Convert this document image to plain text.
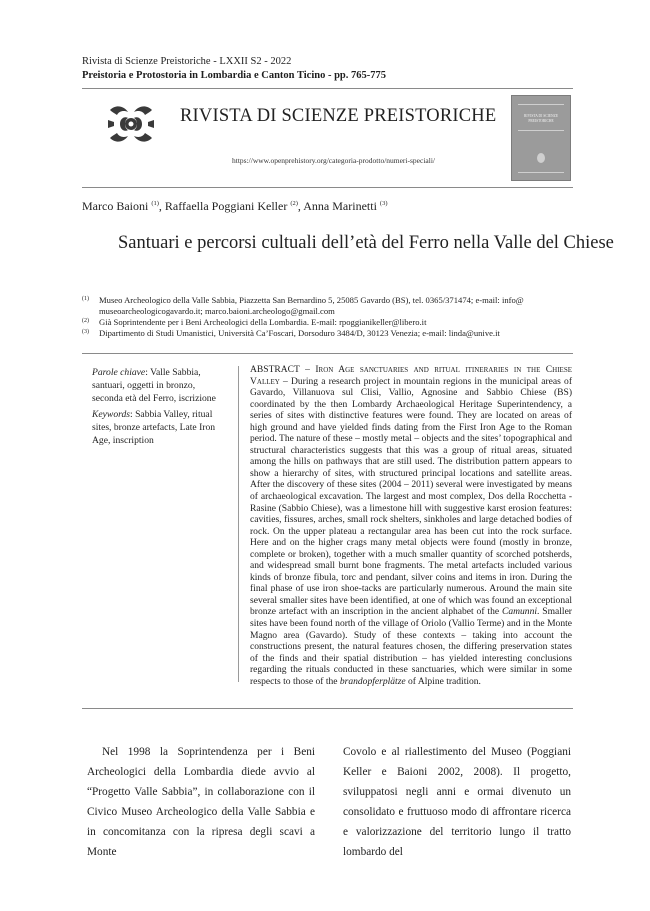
Rivista di Scienze Preistoriche - LXXII S2 - 2022
Preistoria e Protostoria in Lombardia e Canton Ticino - pp. 765-775
RIVISTA DI SCIENZE PREISTORICHE
https://www.openprehistory.org/categoria-prodotto/numeri-speciali/
RIVISTA DI SCIENZE PREISTORICHE
Marco Baioni $^{(1)}$, Raffaella Poggiani Keller $^{(2)}$, Anna Marinetti $^{(3)}$
Santuari e percorsi cultuali dell’età del Ferro nella Valle del Chiese
(1) Museo Archeologico della Valle Sabbia, Piazzetta San Bernardino 5, 25085 Gavardo (BS), tel. 0365/371474; e-mail: info@
museoarcheologicogavardo.it; marco.baioni.archeologo@gmail.com
(2) Già Soprintendente per i Beni Archeologici della Lombardia. E-mail: rpoggianikeller@libero.it
(3) Dipartimento di Studi Umanistici, Università Ca’Foscari, Dorsoduro 3484/D, 30123 Venezia; e-mail: linda@unive.it

Parole chiave: Valle Sabbia, santuari, oggetti in bronzo, seconda età del Ferro, iscrizione

Keywords: Sabbia Valley, ritual sites, bronze artefacts, Late Iron Age, inscription

ABSTRACT – Iron Age sanctuaries and ritual itineraries in the Chiese Valley – During a research project in mountain regions in the municipal areas of Gavardo, Villanuova sul Clisi, Vallio, Agnosine and Sabbio Chiese (BS) coordinated by the then Lombardy Archaeological Heritage Superintendency, a series of sites with distinctive features were found. They are located on areas of high ground and have yielded finds dating from the First Iron Age to the Roman period. The nature of these – mostly metal – objects and the sites’ topographical and structural characteristics suggests that this was a group of ritual areas, situated among the hills on pathways that are still used. The distribution pattern appears to show a hierarchy of sites, with structured principal locations and satellite areas. After the discovery of these sites (2004 – 2011) several were investigated by means of archaeological excavation. The largest and most complex, Dos della Rocchetta - Rasine (Sabbio Chiese), was a limestone hill with suggestive karst erosion features: cavities, fissures, arches, small rock shelters, sinkholes and large detached bodies of rock. On the upper plateau a rectangular area has been cut into the rock surface. Here and on the higher crags many metal objects were found (mostly in bronze, complete or broken), together with a much smaller quantity of scorched potsherds, and widespread small burnt bone fragments. The metal artefacts included various kinds of bronze fibula, torc and pendant, silver coins and items in iron. During the final phase of use iron shoe-tacks are particularly numerous. Around the main site several smaller sites have been identified, at one of which was found an exceptional bronze artefact with an inscription in the ancient alphabet of the Camunni. Smaller sites have been found north of the village of Oriolo (Vallio Terme) and in the Monte Magno area (Gavardo). Study of these contexts – taking into account the constructions present, the natural features chosen, the differing preservation states of the finds and their spatial distribution – has yielded interesting conclusions regarding the rituals conducted in these sanctuaries, which were similar in some respects to those of the brandopferplätze of Alpine tradition.
Nel 1998 la Soprintendenza per i Beni Archeologici della Lombardia diede avvio al “Progetto Valle Sabbia”, in collaborazione con il Civico Museo Archeologico della Valle Sabbia e in concomitanza con la ripresa degli scavi a Monte
Covolo e al riallestimento del Museo (Poggiani Keller e Baioni 2002, 2008). Il progetto, sviluppatosi negli anni e ormai divenuto un consolidato e fruttuoso modo di affrontare ricerca e valorizzazione del territorio lungo il tratto lombardo del
